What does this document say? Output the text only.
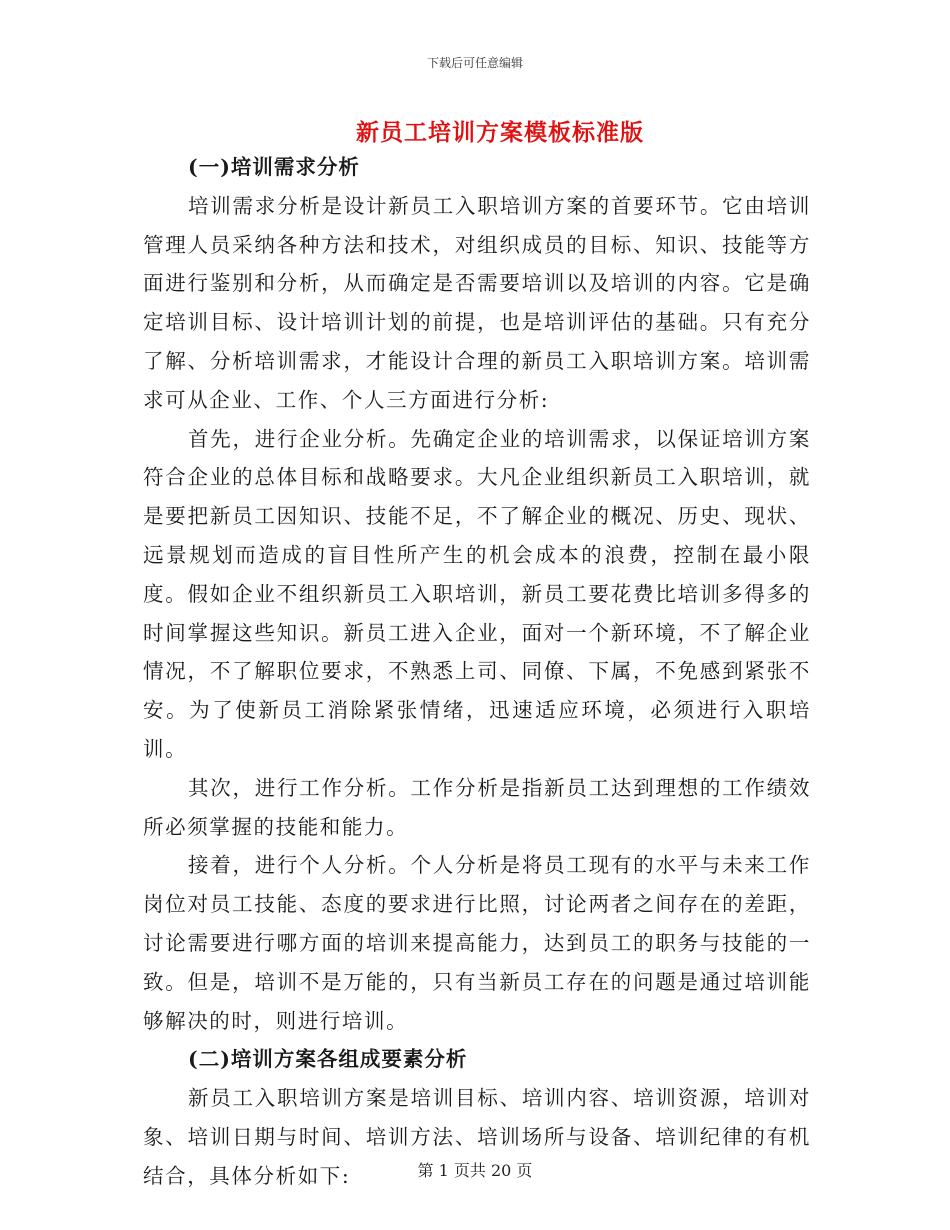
下载后可任意编辑
新员工培训方案模板标准版
(一)培训需求分析

培训需求分析是设计新员工入职培训方案的首要环节。它由培训管理人员采纳各种方法和技术，对组织成员的目标、知识、技能等方面进行鉴别和分析，从而确定是否需要培训以及培训的内容。它是确定培训目标、设计培训计划的前提，也是培训评估的基础。只有充分了解、分析培训需求，才能设计合理的新员工入职培训方案。培训需求可从企业、工作、个人三方面进行分析:

首先，进行企业分析。先确定企业的培训需求，以保证培训方案符合企业的总体目标和战略要求。大凡企业组织新员工入职培训，就是要把新员工因知识、技能不足，不了解企业的概况、历史、现状、远景规划而造成的盲目性所产生的机会成本的浪费，控制在最小限度。假如企业不组织新员工入职培训，新员工要花费比培训多得多的时间掌握这些知识。新员工进入企业，面对一个新环境，不了解企业情况，不了解职位要求，不熟悉上司、同僚、下属，不免感到紧张不安。为了使新员工消除紧张情绪，迅速适应环境，必须进行入职培训。

其次，进行工作分析。工作分析是指新员工达到理想的工作绩效所必须掌握的技能和能力。

接着，进行个人分析。个人分析是将员工现有的水平与未来工作岗位对员工技能、态度的要求进行比照，讨论两者之间存在的差距，讨论需要进行哪方面的培训来提高能力，达到员工的职务与技能的一致。但是，培训不是万能的，只有当新员工存在的问题是通过培训能够解决的时，则进行培训。

(二)培训方案各组成要素分析

新员工入职培训方案是培训目标、培训内容、培训资源，培训对象、培训日期与时间、培训方法、培训场所与设备、培训纪律的有机结合，具体分析如下:	第 1 页共 20 页
